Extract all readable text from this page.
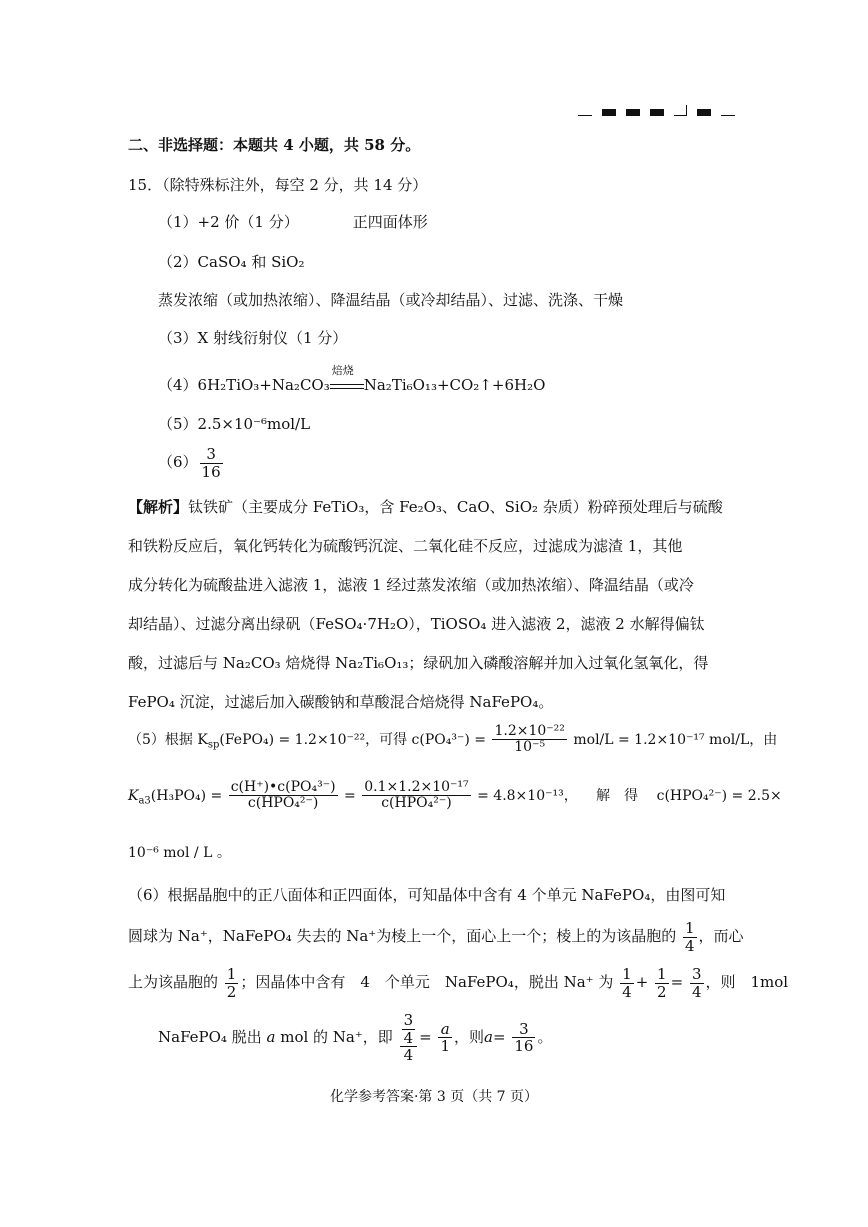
二、非选择题：本题共 4 小题，共 58 分。
15．（除特殊标注外，每空 2 分，共 14 分）
（1）+2 价（1 分）	正四面体形
（2）CaSO₄ 和 SiO₂
蒸发浓缩（或加热浓缩）、降温结晶（或冷却结晶）、过滤、洗涤、干燥
（3）X 射线衍射仪（1 分）
（4）6H₂TiO₃+Na₂CO₃
焙烧
Na₂Ti₆O₁₃+CO₂↑+6H₂O
（5）2.5×10⁻⁶mol/L
$(6) \frac{3}{16}$
【解析】钛铁矿（主要成分 FeTiO₃，含 Fe₂O₃、CaO、SiO₂ 杂质）粉碎预处理后与硫酸
和铁粉反应后，氧化钙转化为硫酸钙沉淀、二氧化硅不反应，过滤成为滤渣 1，其他
成分转化为硫酸盐进入滤液 1，滤液 1 经过蒸发浓缩（或加热浓缩）、降温结晶（或冷
却结晶）、过滤分离出绿矾（FeSO₄·7H₂O），TiOSO₄ 进入滤液 2，滤液 2 水解得偏钛
酸，过滤后与 Na₂CO₃ 焙烧得 Na₂Ti₆O₁₃；绿矾加入磷酸溶解并加入过氧化氢氧化，得
FePO₄ 沉淀，过滤后加入碳酸钠和草酸混合焙烧得 NaFePO₄。
（5）根据 $K_{sp}(FePO_4) = 1.2\times 10^{-22}$，可得 $c(PO_4^{3-}) = \frac{\text{1.2×10⁻²²}}{\text{10⁻⁵}} mol/L = 1.2\times 10^{-17}$ mol/L，由
$K_{a3}(H_3PO_4) = \frac{\text{c(H⁺)•c(PO₄³⁻)}}{\text{c(HPO₄²⁻)}} = \frac{\text{0.1×1.2×10⁻¹⁷}}{\text{c(HPO₄²⁻)}} = 4.8\times 10^{-13}$， 解　得 c(HPO₄²⁻) = 2.5×
10⁻⁶ mol / L 。
（6）根据晶胞中的正八面体和正四面体，可知晶体中含有 4 个单元 NaFePO₄，由图可知
圆球为 Na⁺，NaFePO₄ 失去的 Na⁺为棱上一个，面心上一个；棱上的为该晶胞的 $\frac{1}{4}$ ，而心
上为该晶胞的 $\frac{1}{2}$ ；因晶体中含有　4　个单元　NaFePO₄，脱出 Na⁺ 为 $\frac{1}{4} + \frac{1}{2} = \frac{3}{4}$ ，则　1mol
NaFePO₄ 脱出 a mol 的 Na⁺，即 $\frac{\frac{3}{4}}{4} = \frac{a}{1}$ ，则$a= \frac{3}{16}$ 。
化学参考答案·第 3 页（共 7 页）
